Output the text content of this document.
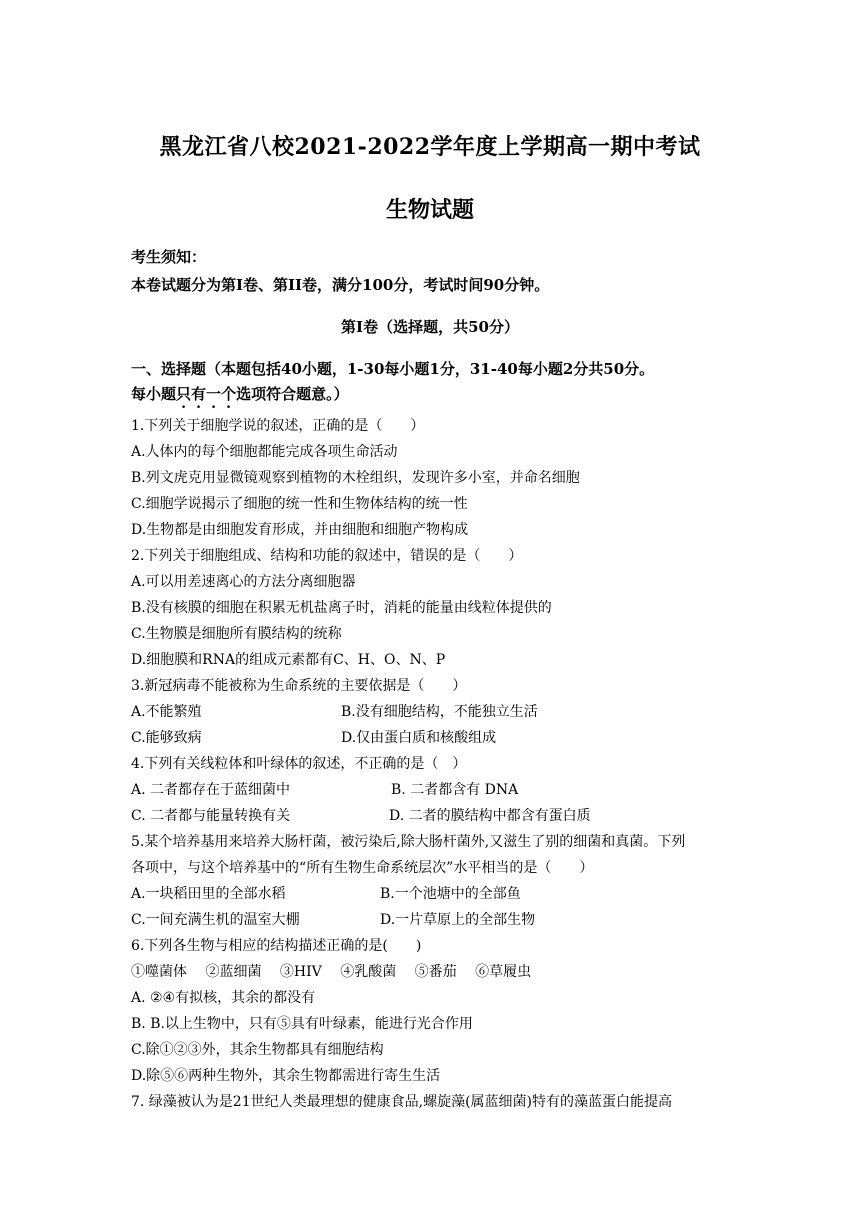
黑龙江省八校2021-2022学年度上学期高一期中考试
生物试题
考生须知：
本卷试题分为第Ⅰ卷、第II卷，满分100分，考试时间90分钟。
第Ⅰ卷（选择题，共50分）
一、选择题（本题包括40小题，1-30每小题1分，31-40每小题2分共50分。
每小题只有一个选项符合题意。）
1.下列关于细胞学说的叙述，正确的是（　　）
A.人体内的每个细胞都能完成各项生命活动
B.列文虎克用显微镜观察到植物的木栓组织，发现许多小室，并命名细胞
C.细胞学说揭示了细胞的统一性和生物体结构的统一性
D.生物都是由细胞发育形成，并由细胞和细胞产物构成
2.下列关于细胞组成、结构和功能的叙述中，错误的是（　　）
A.可以用差速离心的方法分离细胞器
B.没有核膜的细胞在积累无机盐离子时，消耗的能量由线粒体提供的
C.生物膜是细胞所有膜结构的统称
D.细胞膜和RNA的组成元素都有C、H、O、N、P
3.新冠病毒不能被称为生命系统的主要依据是（　　）
A.不能繁殖	B.没有细胞结构，不能独立生活
C.能够致病	D.仅由蛋白质和核酸组成
4.下列有关线粒体和叶绿体的叙述，不正确的是（　）
A. 二者都存在于蓝细菌中	B. 二者都含有 DNA
C. 二者都与能量转换有关	D. 二者的膜结构中都含有蛋白质
5.某个培养基用来培养大肠杆菌，被污染后,除大肠杆菌外,又滋生了别的细菌和真菌。下列
各项中，与这个培养基中的“所有生物生命系统层次”水平相当的是（　　）
A.一块稻田里的全部水稻	B.一个池塘中的全部鱼
C.一间充满生机的温室大棚	D.一片草原上的全部生物
6.下列各生物与相应的结构描述正确的是(　　)
①噬菌体　 ②蓝细菌　 ③HIV　 ④乳酸菌　 ⑤番茄　 ⑥草履虫
A. ②④有拟核，其余的都没有
B. B.以上生物中，只有⑤具有叶绿素，能进行光合作用
C.除①②③外，其余生物都具有细胞结构
D.除⑤⑥两种生物外，其余生物都需进行寄生生活
7. 绿藻被认为是21世纪人类最理想的健康食品,螺旋藻(属蓝细菌)特有的藻蓝蛋白能提高
